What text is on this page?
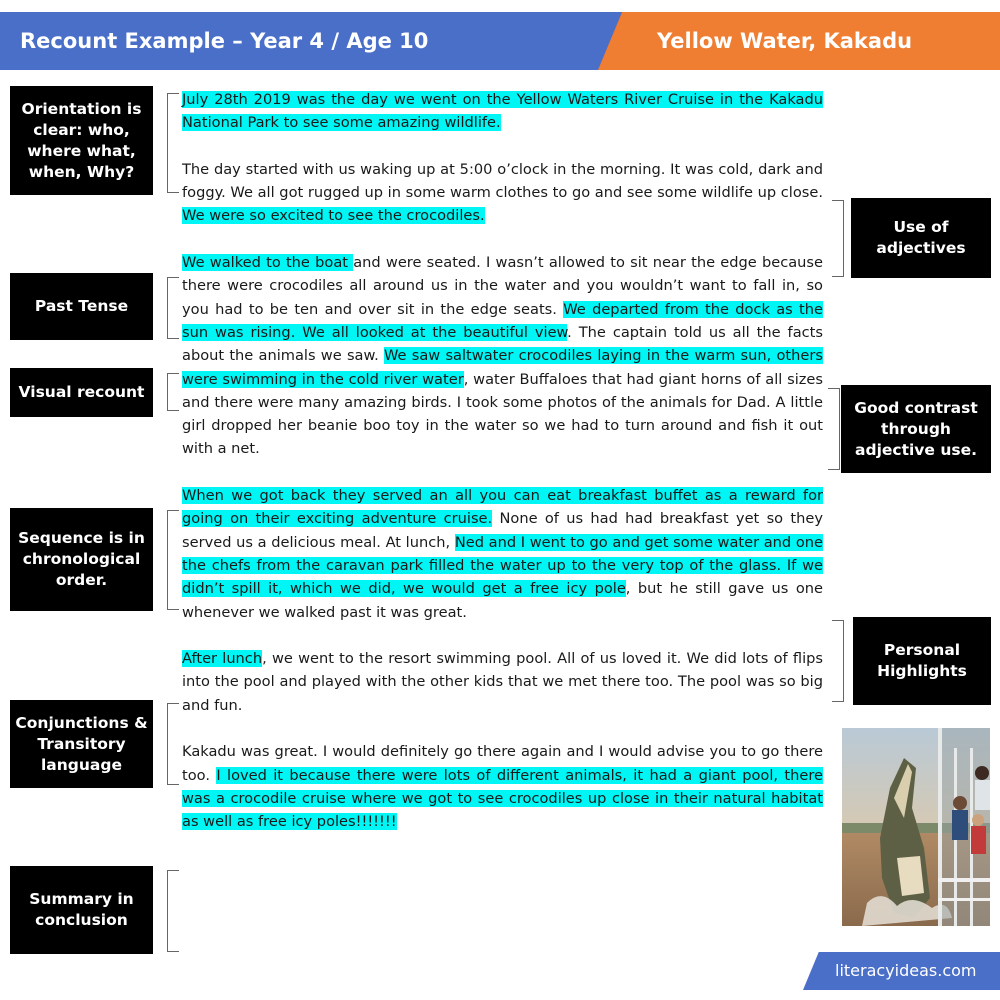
Recount Example – Year 4 / Age 10	Yellow Water, Kakadu
Orientation is clear: who, where what, when, Why?
Past Tense
Visual recount
Sequence is in chronological order.
Conjunctions & Transitory language
Summary in conclusion
Use of adjectives
Good contrast through adjective use.
Personal Highlights

July 28th 2019 was the day we went on the Yellow Waters River Cruise in the Kakadu National Park to see some amazing wildlife.

The day started with us waking up at 5:00 o’clock in the morning. It was cold, dark and foggy. We all got rugged up in some warm clothes to go and see some wildlife up close. We were so excited to see the crocodiles.

We walked to the boat and were seated. I wasn’t allowed to sit near the edge because there were crocodiles all around us in the water and you wouldn’t want to fall in, so you had to be ten and over sit in the edge seats. We departed from the dock as the sun was rising. We all looked at the beautiful view. The captain told us all the facts about the animals we saw. We saw saltwater crocodiles laying in the warm sun, others were swimming in the cold river water, water Buffaloes that had giant horns of all sizes and there were many amazing birds. I took some photos of the animals for Dad. A little girl dropped her beanie boo toy in the water so we had to turn around and fish it out with a net.

When we got back they served an all you can eat breakfast buffet as a reward for going on their exciting adventure cruise. None of us had had breakfast yet so they served us a delicious meal. At lunch, Ned and I went to go and get some water and one the chefs from the caravan park filled the water up to the very top of the glass. If we didn’t spill it, which we did, we would get a free icy pole, but he still gave us one whenever we walked past it was great.

After lunch, we went to the resort swimming pool. All of us loved it. We did lots of flips into the pool and played with the other kids that we met there too. The pool was so big and fun.

Kakadu was great. I would definitely go there again and I would advise you to go there too. I loved it because there were lots of different animals, it had a giant pool, there was a crocodile cruise where we got to see crocodiles up close in their natural habitat as well as free icy poles!!!!!!!

literacyideas.com
